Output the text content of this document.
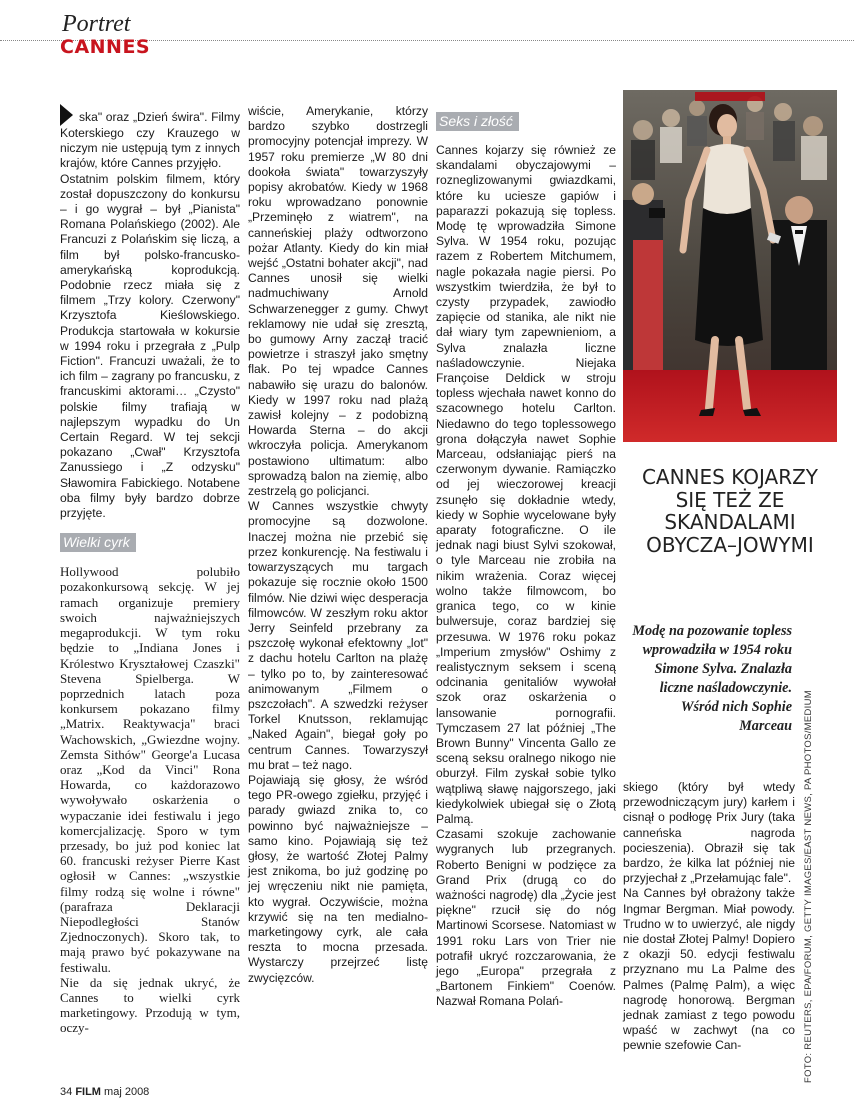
Portret
CANNES

ska" oraz „Dzień świra". Filmy Koterskiego czy Krauzego w niczym nie ustępują tym z innych krajów, które Cannes przyjęło.

Ostatnim polskim filmem, który został dopuszczony do konkursu – i go wygrał – był „Pianista" Romana Polańskiego (2002). Ale Francuzi z Polańskim się liczą, a film był polsko-francusko-amerykańską koprodukcją. Podobnie rzecz miała się z filmem „Trzy kolory. Czerwony" Krzysztofa Kieślowskiego. Produkcja startowała w kokursie w 1994 roku i przegrała z „Pulp Fiction". Francuzi uważali, że to ich film – zagrany po francusku, z francuskimi aktorami… „Czysto" polskie filmy trafiają w najlepszym wypadku do Un Certain Regard. W tej sekcji pokazano „Cwał" Krzysztofa Zanussiego i „Z odzysku" Sławomira Fabickiego. Notabene oba filmy były bardzo dobrze przyjęte.

Wielki cyrk

Hollywood polubiło pozakonkursową sekcję. W jej ramach organizuje premiery swoich najważniejszych megaprodukcji. W tym roku będzie to „Indiana Jones i Królestwo Kryształowej Czaszki" Stevena Spielberga. W poprzednich latach poza konkursem pokazano filmy „Matrix. Reaktywacja" braci Wachowskich, „Gwiezdne wojny. Zemsta Sithów" George'a Lucasa oraz „Kod da Vinci" Rona Howarda, co każdorazowo wywoływało oskarżenia o wypaczanie idei festiwalu i jego komercjalizację. Sporo w tym przesady, bo już pod koniec lat 60. francuski reżyser Pierre Kast ogłosił w Cannes: „wszystkie filmy rodzą się wolne i równe" (parafraza Deklaracji Niepodległości Stanów Zjednoczonych). Skoro tak, to mają prawo być pokazywane na festiwalu.

Nie da się jednak ukryć, że Cannes to wielki cyrk marketingowy. Przodują w tym, oczy-

wiście, Amerykanie, którzy bardzo szybko dostrzegli promocyjny potencjał imprezy. W 1957 roku premierze „W 80 dni dookoła świata" towarzyszyły popisy akrobatów. Kiedy w 1968 roku wprowadzano ponownie „Przeminęło z wiatrem", na canneńskiej plaży odtworzono pożar Atlanty. Kiedy do kin miał wejść „Ostatni bohater akcji", nad Cannes unosił się wielki nadmuchiwany Arnold Schwarzenegger z gumy. Chwyt reklamowy nie udał się zresztą, bo gumowy Arny zaczął tracić powietrze i straszył jako smętny flak. Po tej wpadce Cannes nabawiło się urazu do balonów. Kiedy w 1997 roku nad plażą zawisł kolejny – z podobizną Howarda Sterna – do akcji wkroczyła policja. Amerykanom postawiono ultimatum: albo sprowadzą balon na ziemię, albo zestrzelą go policjanci.

W Cannes wszystkie chwyty promocyjne są dozwolone. Inaczej można nie przebić się przez konkurencję. Na festiwalu i towarzyszących mu targach pokazuje się rocznie około 1500 filmów. Nie dziwi więc desperacja filmowców. W zeszłym roku aktor Jerry Seinfeld przebrany za pszczołę wykonał efektowny „lot" z dachu hotelu Carlton na plażę – tylko po to, by zainteresować animowanym „Filmem o pszczołach". A szwedzki reżyser Torkel Knutsson, reklamując „Naked Again", biegał goły po centrum Cannes. Towarzyszył mu brat – też nago.

Pojawiają się głosy, że wśród tego PR-owego zgiełku, przyjęć i parady gwiazd znika to, co powinno być najważniejsze – samo kino. Pojawiają się też głosy, że wartość Złotej Palmy jest znikoma, bo już godzinę po jej wręczeniu nikt nie pamięta, kto wygrał. Oczywiście, można krzywić się na ten medialno-marketingowy cyrk, ale cała reszta to mocna przesada. Wystarczy przejrzeć listę zwycięzców.

Seks i złość

Cannes kojarzy się również ze skandalami obyczajowymi – rozneglizowanymi gwiazdkami, które ku uciesze gapiów i paparazzi pokazują się topless. Modę tę wprowadziła Simone Sylva. W 1954 roku, pozując razem z Robertem Mitchumem, nagle pokazała nagie piersi. Po wszystkim twierdziła, że był to czysty przypadek, zawiodło zapięcie od stanika, ale nikt nie dał wiary tym zapewnieniom, a Sylva znalazła liczne naśladowczynie. Niejaka Françoise Deldick w stroju topless wjechała nawet konno do szacownego hotelu Carlton. Niedawno do tego toplessowego grona dołączyła nawet Sophie Marceau, odsłaniając pierś na czerwonym dywanie. Ramiączko od jej wieczorowej kreacji zsunęło się dokładnie wtedy, kiedy w Sophie wycelowane były aparaty fotograficzne. O ile jednak nagi biust Sylvi szokował, o tyle Marceau nie zrobiła na nikim wrażenia. Coraz więcej wolno także filmowcom, bo granica tego, co w kinie bulwersuje, coraz bardziej się przesuwa. W 1976 roku pokaz „Imperium zmysłów" Oshimy z realistycznym seksem i sceną odcinania genitaliów wywołał szok oraz oskarżenia o lansowanie pornografii. Tymczasem 27 lat później „The Brown Bunny" Vincenta Gallo ze sceną seksu oralnego nikogo nie oburzył. Film zyskał sobie tylko wątpliwą sławę najgorszego, jaki kiedykolwiek ubiegał się o Złotą Palmą.

Czasami szokuje zachowanie wygranych lub przegranych. Roberto Benigni w podzięce za Grand Prix (drugą co do ważności nagrodę) dla „Życie jest piękne" rzucił się do nóg Martinowi Scorsese. Natomiast w 1991 roku Lars von Trier nie potrafił ukryć rozczarowania, że jego „Europa" przegrała z „Bartonem Finkiem" Coenów. Nazwał Romana Polań-

CANNES KOJARZY SIĘ TEŻ ZE SKANDALAMI OBYCZA–JOWYMI
Modę na pozowanie topless wprowadziła w 1954 roku Simone Sylva. Znalazła liczne naśladowczynie. Wśród nich Sophie Marceau FOTO: REUTERS, EPA/FORUM, GETTY IMAGES/EAST NEWS, PA PHOTOS/MEDIUM

skiego (który był wtedy przewodniczącym jury) karłem i cisnął o podłogę Prix Jury (taka canneńska nagroda pocieszenia). Obraził się tak bardzo, że kilka lat później nie przyjechał z „Przełamując fale".

Na Cannes był obrażony także Ingmar Bergman. Miał powody. Trudno w to uwierzyć, ale nigdy nie dostał Złotej Palmy! Dopiero z okazji 50. edycji festiwalu przyznano mu La Palme des Palmes (Palmę Palm), a więc nagrodę honorową. Bergman jednak zamiast z tego powodu wpaść w zachwyt (na co pewnie szefowie Can-

34 FILM maj 2008
